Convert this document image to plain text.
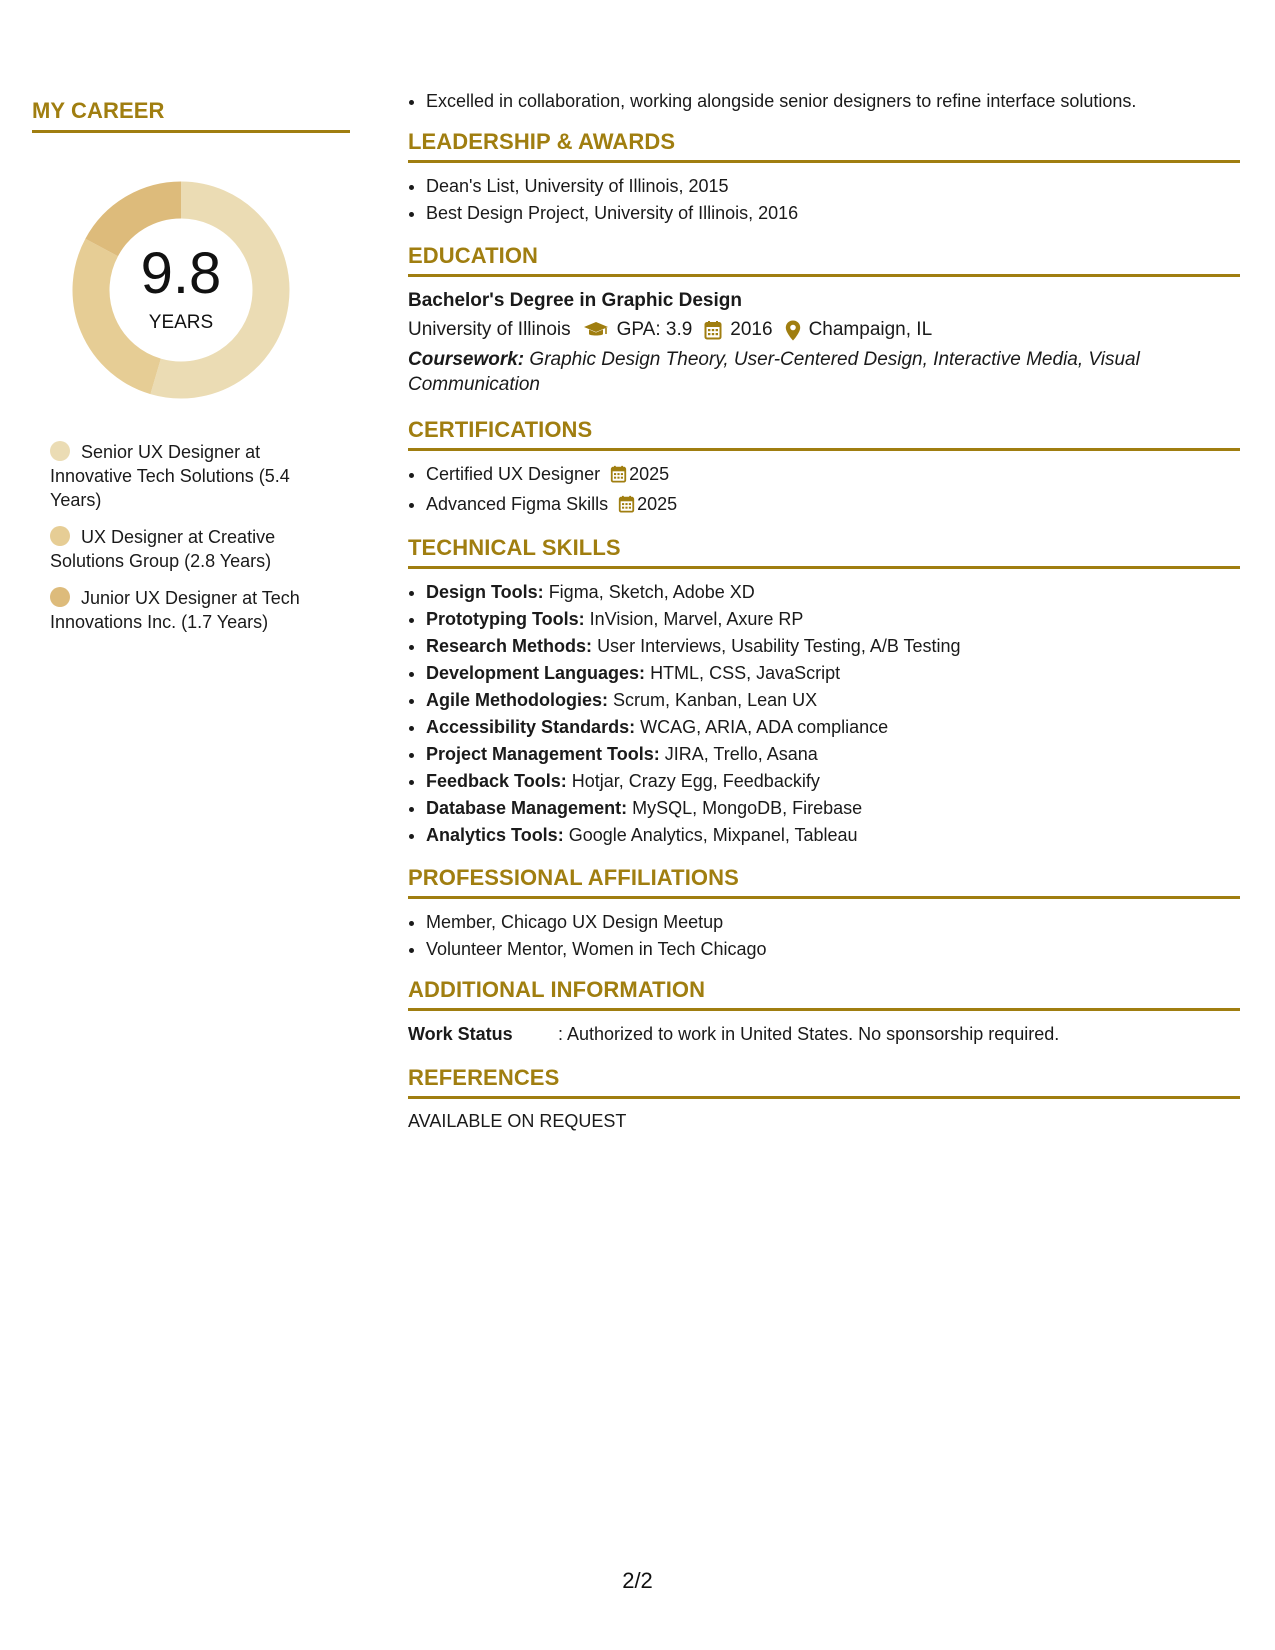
MY CAREER
9.8
YEARS
Senior UX Designer at Innovative Tech Solutions (5.4 Years)
UX Designer at Creative Solutions Group (2.8 Years)
Junior UX Designer at Tech Innovations Inc. (1.7 Years)
• Excelled in collaboration, working alongside senior designers to refine interface solutions.
LEADERSHIP & AWARDS
• Dean's List, University of Illinois, 2015
• Best Design Project, University of Illinois, 2016
EDUCATION
Bachelor's Degree in Graphic Design
University of Illinois GPA: 3.9 2016 Champaign, IL
Coursework: Graphic Design Theory, User-Centered Design, Interactive Media, Visual Communication
CERTIFICATIONS
• Certified UX Designer 2025
• Advanced Figma Skills 2025
TECHNICAL SKILLS
• Design Tools: Figma, Sketch, Adobe XD
• Prototyping Tools: InVision, Marvel, Axure RP
• Research Methods: User Interviews, Usability Testing, A/B Testing
• Development Languages: HTML, CSS, JavaScript
• Agile Methodologies: Scrum, Kanban, Lean UX
• Accessibility Standards: WCAG, ARIA, ADA compliance
• Project Management Tools: JIRA, Trello, Asana
• Feedback Tools: Hotjar, Crazy Egg, Feedbackify
• Database Management: MySQL, MongoDB, Firebase
• Analytics Tools: Google Analytics, Mixpanel, Tableau
PROFESSIONAL AFFILIATIONS
• Member, Chicago UX Design Meetup
• Volunteer Mentor, Women in Tech Chicago
ADDITIONAL INFORMATION
Work Status	: Authorized to work in United States. No sponsorship required.
REFERENCES
AVAILABLE ON REQUEST
2/2
